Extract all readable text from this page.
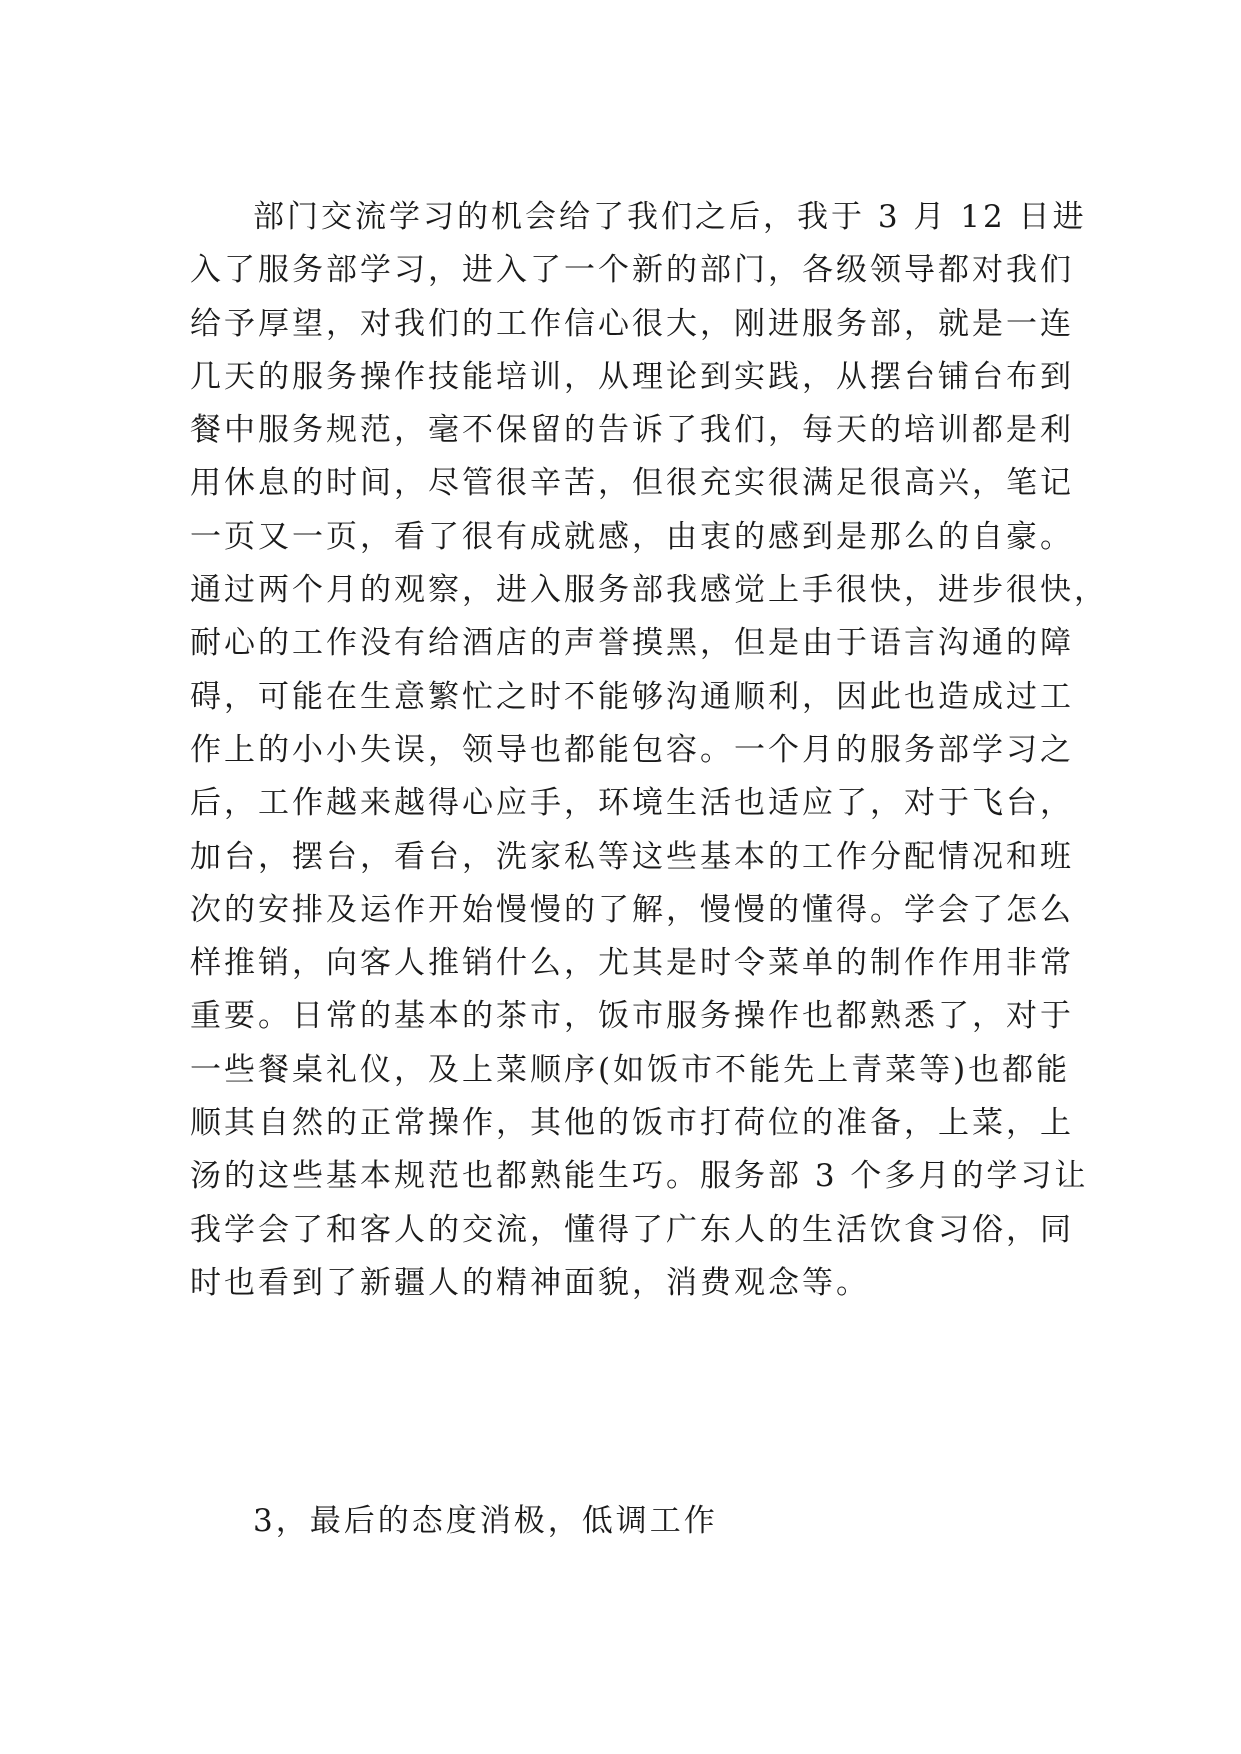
部门交流学习的机会给了我们之后，我于 3 月 12 日进
入了服务部学习，进入了一个新的部门，各级领导都对我们
给予厚望，对我们的工作信心很大，刚进服务部，就是一连
几天的服务操作技能培训，从理论到实践，从摆台铺台布到
餐中服务规范，毫不保留的告诉了我们，每天的培训都是利
用休息的时间，尽管很辛苦，但很充实很满足很高兴，笔记
一页又一页，看了很有成就感，由衷的感到是那么的自豪。
通过两个月的观察，进入服务部我感觉上手很快，进步很快，
耐心的工作没有给酒店的声誉摸黑，但是由于语言沟通的障
碍，可能在生意繁忙之时不能够沟通顺利，因此也造成过工
作上的小小失误，领导也都能包容。一个月的服务部学习之
后，工作越来越得心应手，环境生活也适应了，对于飞台，
加台，摆台，看台，洗家私等这些基本的工作分配情况和班
次的安排及运作开始慢慢的了解，慢慢的懂得。学会了怎么
样推销，向客人推销什么，尤其是时令菜单的制作作用非常
重要。日常的基本的茶市，饭市服务操作也都熟悉了，对于
一些餐桌礼仪，及上菜顺序(如饭市不能先上青菜等)也都能
顺其自然的正常操作，其他的饭市打荷位的准备，上菜，上
汤的这些基本规范也都熟能生巧。服务部 3 个多月的学习让
我学会了和客人的交流，懂得了广东人的生活饮食习俗，同
时也看到了新疆人的精神面貌，消费观念等。
3，最后的态度消极，低调工作
